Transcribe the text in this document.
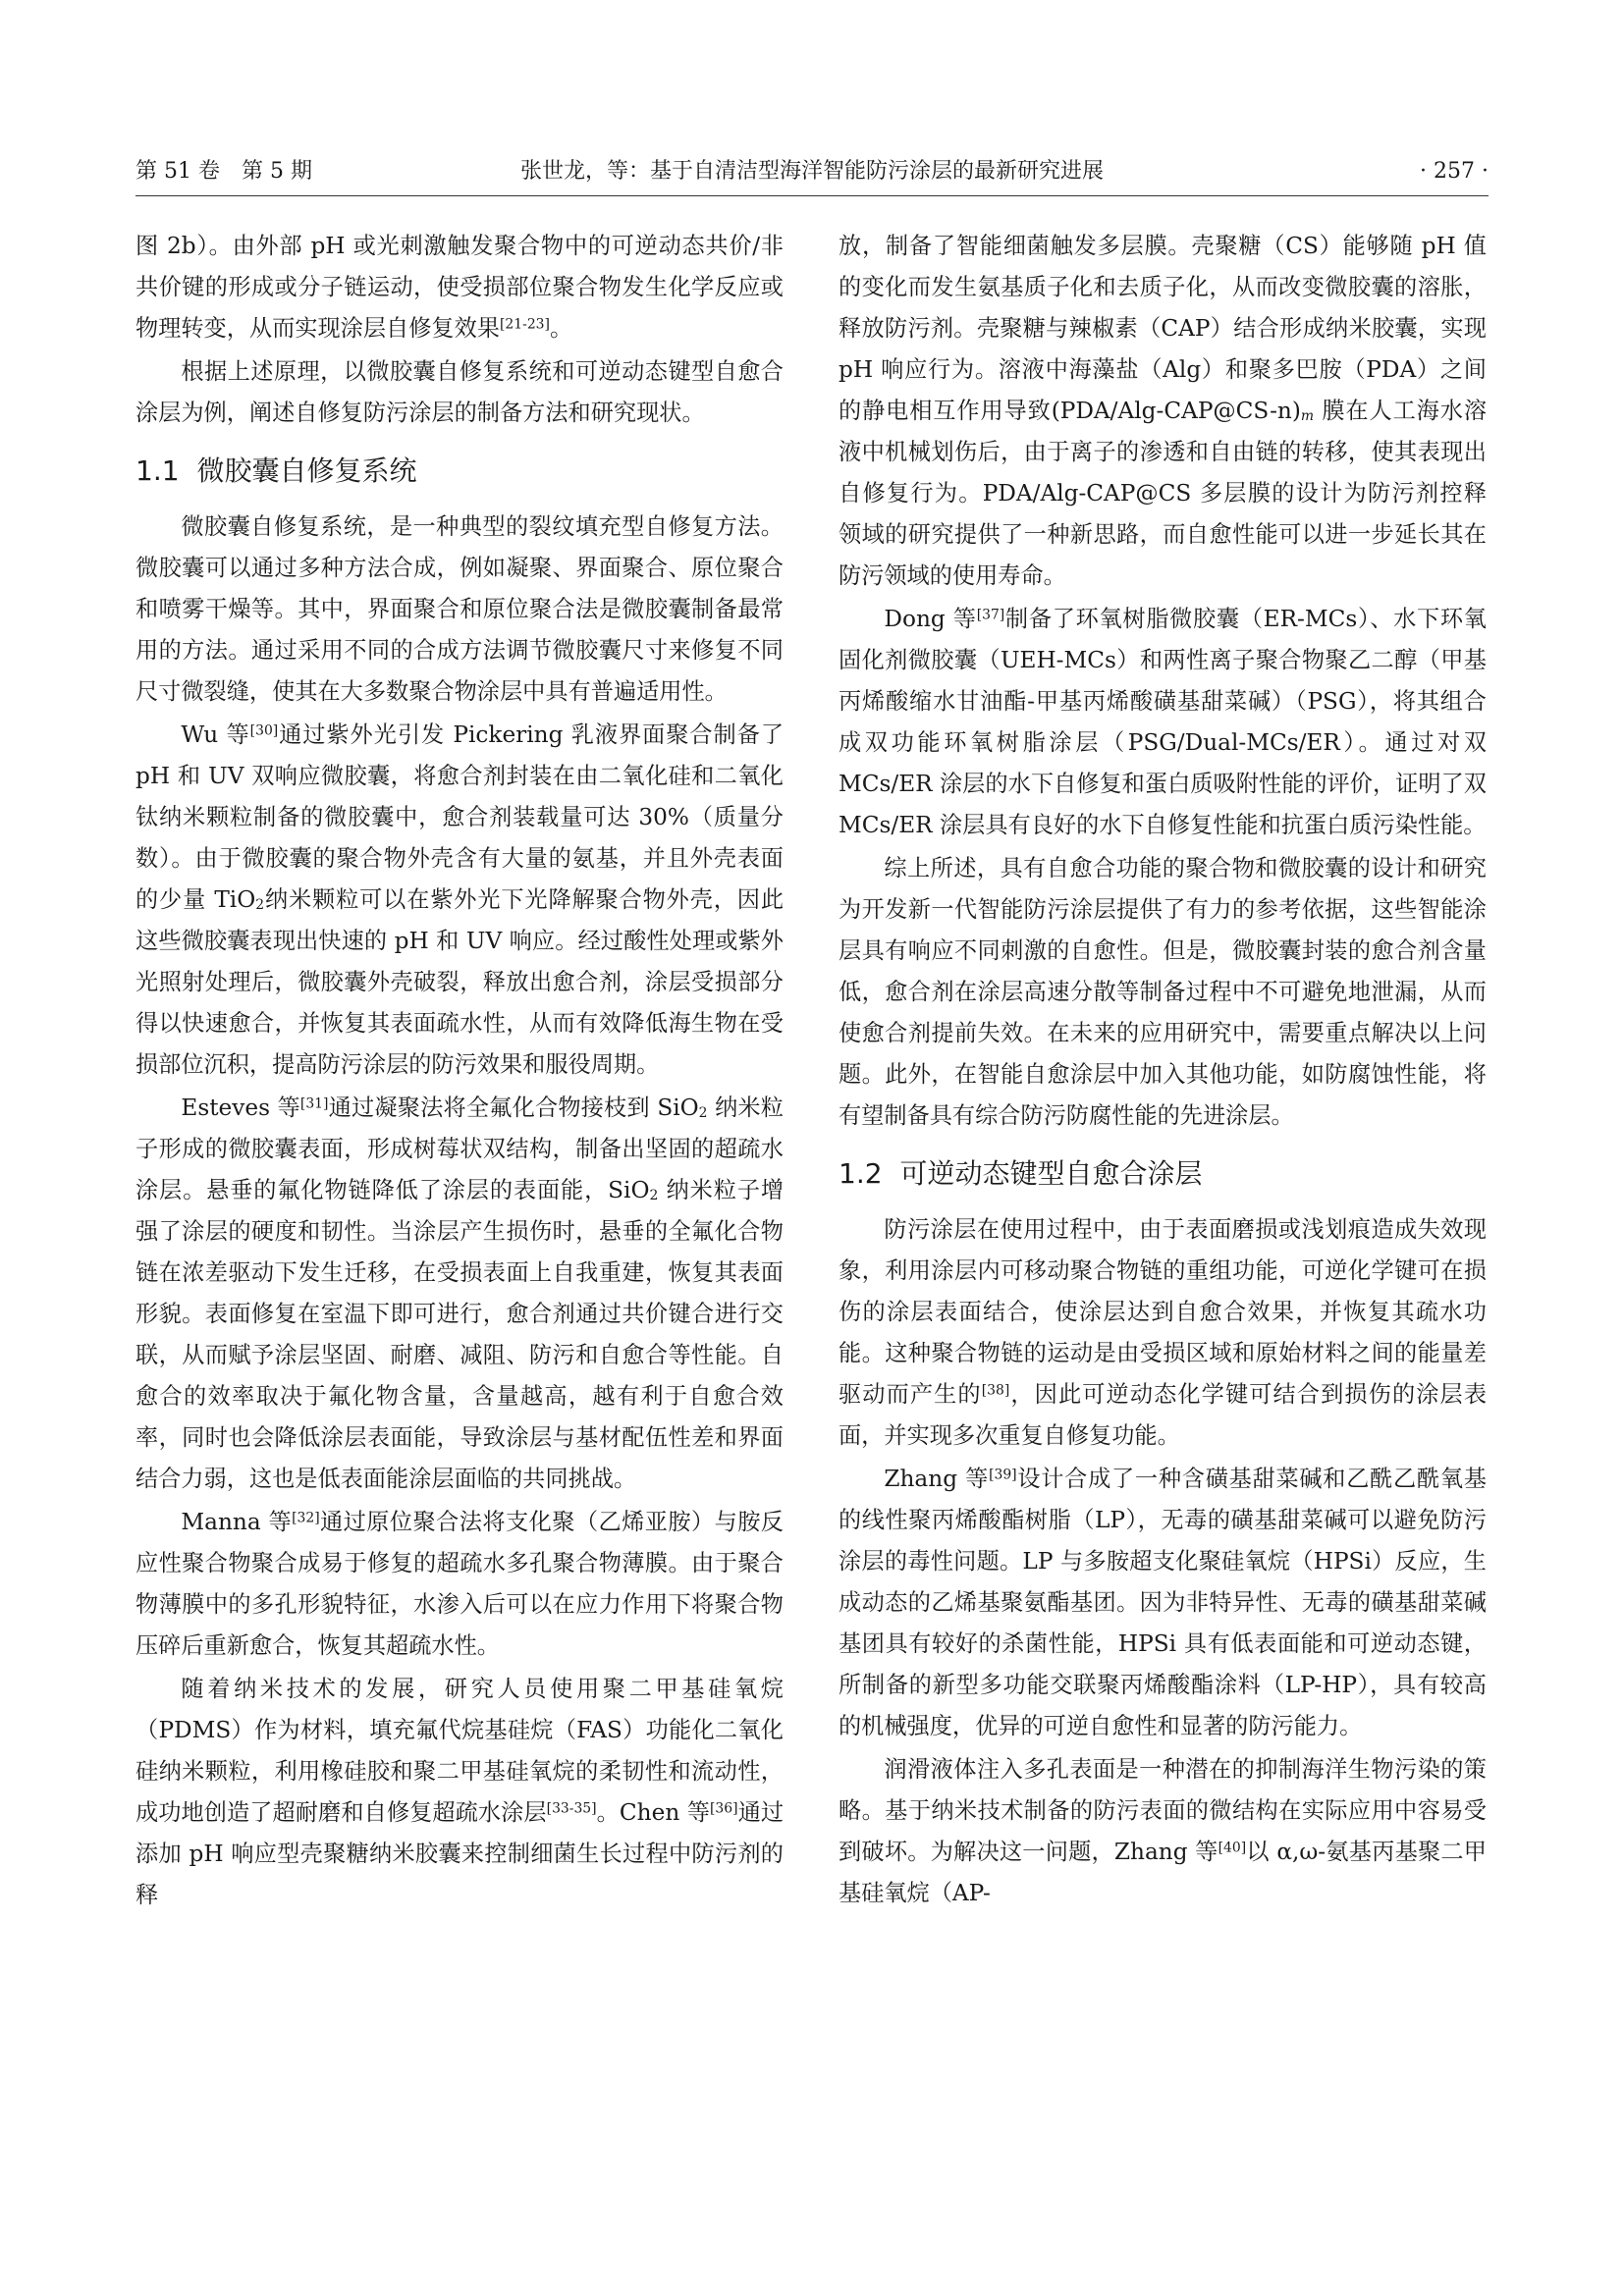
第 51 卷　第 5 期	张世龙，等：基于自清洁型海洋智能防污涂层的最新研究进展	· 257 ·

图 2b）。由外部 pH 或光刺激触发聚合物中的可逆动态共价/非共价键的形成或分子链运动，使受损部位聚合物发生化学反应或物理转变，从而实现涂层自修复效果[21-23]。

根据上述原理，以微胶囊自修复系统和可逆动态键型自愈合涂层为例，阐述自修复防污涂层的制备方法和研究现状。

1.1 微胶囊自修复系统

微胶囊自修复系统，是一种典型的裂纹填充型自修复方法。微胶囊可以通过多种方法合成，例如凝聚、界面聚合、原位聚合和喷雾干燥等。其中，界面聚合和原位聚合法是微胶囊制备最常用的方法。通过采用不同的合成方法调节微胶囊尺寸来修复不同尺寸微裂缝，使其在大多数聚合物涂层中具有普遍适用性。

Wu 等[30]通过紫外光引发 Pickering 乳液界面聚合制备了 pH 和 UV 双响应微胶囊，将愈合剂封装在由二氧化硅和二氧化钛纳米颗粒制备的微胶囊中，愈合剂装载量可达 30%（质量分数）。由于微胶囊的聚合物外壳含有大量的氨基，并且外壳表面的少量 TiO$_2$纳米颗粒可以在紫外光下光降解聚合物外壳，因此这些微胶囊表现出快速的 pH 和 UV 响应。经过酸性处理或紫外光照射处理后，微胶囊外壳破裂，释放出愈合剂，涂层受损部分得以快速愈合，并恢复其表面疏水性，从而有效降低海生物在受损部位沉积，提高防污涂层的防污效果和服役周期。

Esteves 等[31]通过凝聚法将全氟化合物接枝到 SiO$_2$ 纳米粒子形成的微胶囊表面，形成树莓状双结构，制备出坚固的超疏水涂层。悬垂的氟化物链降低了涂层的表面能，SiO$_2$ 纳米粒子增强了涂层的硬度和韧性。当涂层产生损伤时，悬垂的全氟化合物链在浓差驱动下发生迁移，在受损表面上自我重建，恢复其表面形貌。表面修复在室温下即可进行，愈合剂通过共价键合进行交联，从而赋予涂层坚固、耐磨、减阻、防污和自愈合等性能。自愈合的效率取决于氟化物含量，含量越高，越有利于自愈合效率，同时也会降低涂层表面能，导致涂层与基材配伍性差和界面结合力弱，这也是低表面能涂层面临的共同挑战。

Manna 等[32]通过原位聚合法将支化聚（乙烯亚胺）与胺反应性聚合物聚合成易于修复的超疏水多孔聚合物薄膜。由于聚合物薄膜中的多孔形貌特征，水渗入后可以在应力作用下将聚合物压碎后重新愈合，恢复其超疏水性。

随着纳米技术的发展，研究人员使用聚二甲基硅氧烷（PDMS）作为材料，填充氟代烷基硅烷（FAS）功能化二氧化硅纳米颗粒，利用橡硅胶和聚二甲基硅氧烷的柔韧性和流动性，成功地创造了超耐磨和自修复超疏水涂层[33-35]。Chen 等[36]通过添加 pH 响应型壳聚糖纳米胶囊来控制细菌生长过程中防污剂的释

放，制备了智能细菌触发多层膜。壳聚糖（CS）能够随 pH 值的变化而发生氨基质子化和去质子化，从而改变微胶囊的溶胀，释放防污剂。壳聚糖与辣椒素（CAP）结合形成纳米胶囊，实现 pH 响应行为。溶液中海藻盐（Alg）和聚多巴胺（PDA）之间的静电相互作用导致$(PDA/Alg-CAP@CS-n)_m$ 膜在人工海水溶液中机械划伤后，由于离子的渗透和自由链的转移，使其表现出自修复行为。PDA/Alg-CAP@CS 多层膜的设计为防污剂控释领域的研究提供了一种新思路，而自愈性能可以进一步延长其在防污领域的使用寿命。

Dong 等[37]制备了环氧树脂微胶囊（ER-MCs）、水下环氧固化剂微胶囊（UEH-MCs）和两性离子聚合物聚乙二醇（甲基丙烯酸缩水甘油酯-甲基丙烯酸磺基甜菜碱）（PSG），将其组合成双功能环氧树脂涂层（PSG/Dual-MCs/ER）。通过对双 MCs/ER 涂层的水下自修复和蛋白质吸附性能的评价，证明了双 MCs/ER 涂层具有良好的水下自修复性能和抗蛋白质污染性能。

综上所述，具有自愈合功能的聚合物和微胶囊的设计和研究为开发新一代智能防污涂层提供了有力的参考依据，这些智能涂层具有响应不同刺激的自愈性。但是，微胶囊封装的愈合剂含量低，愈合剂在涂层高速分散等制备过程中不可避免地泄漏，从而使愈合剂提前失效。在未来的应用研究中，需要重点解决以上问题。此外，在智能自愈涂层中加入其他功能，如防腐蚀性能，将有望制备具有综合防污防腐性能的先进涂层。

1.2 可逆动态键型自愈合涂层

防污涂层在使用过程中，由于表面磨损或浅划痕造成失效现象，利用涂层内可移动聚合物链的重组功能，可逆化学键可在损伤的涂层表面结合，使涂层达到自愈合效果，并恢复其疏水功能。这种聚合物链的运动是由受损区域和原始材料之间的能量差驱动而产生的[38]，因此可逆动态化学键可结合到损伤的涂层表面，并实现多次重复自修复功能。

Zhang 等[39]设计合成了一种含磺基甜菜碱和乙酰乙酰氧基的线性聚丙烯酸酯树脂（LP），无毒的磺基甜菜碱可以避免防污涂层的毒性问题。LP 与多胺超支化聚硅氧烷（HPSi）反应，生成动态的乙烯基聚氨酯基团。因为非特异性、无毒的磺基甜菜碱基团具有较好的杀菌性能，HPSi 具有低表面能和可逆动态键，所制备的新型多功能交联聚丙烯酸酯涂料（LP-HP），具有较高的机械强度，优异的可逆自愈性和显著的防污能力。

润滑液体注入多孔表面是一种潜在的抑制海洋生物污染的策略。基于纳米技术制备的防污表面的微结构在实际应用中容易受到破坏。为解决这一问题，Zhang 等[40]以 α,ω-氨基丙基聚二甲基硅氧烷（AP-
